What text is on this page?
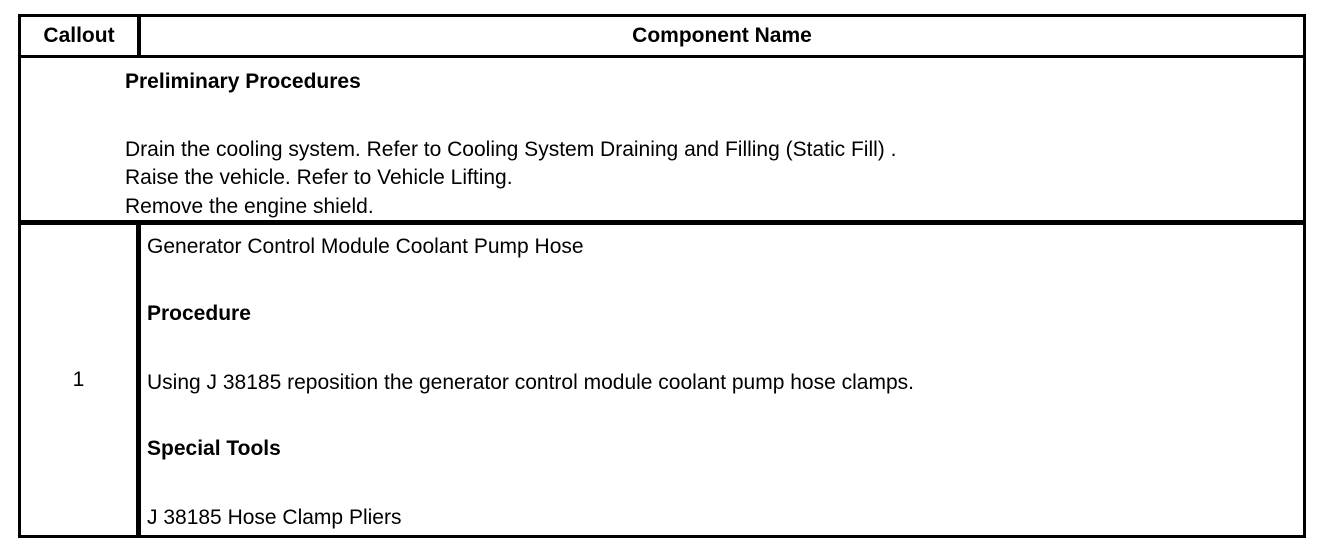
Callout	Component Name
Preliminary Procedures
Drain the cooling system. Refer to Cooling System Draining and Filling (Static Fill) .
Raise the vehicle. Refer to Vehicle Lifting.
Remove the engine shield.
1
Generator Control Module Coolant Pump Hose
Procedure
Using J 38185 reposition the generator control module coolant pump hose clamps.
Special Tools
J 38185 Hose Clamp Pliers
